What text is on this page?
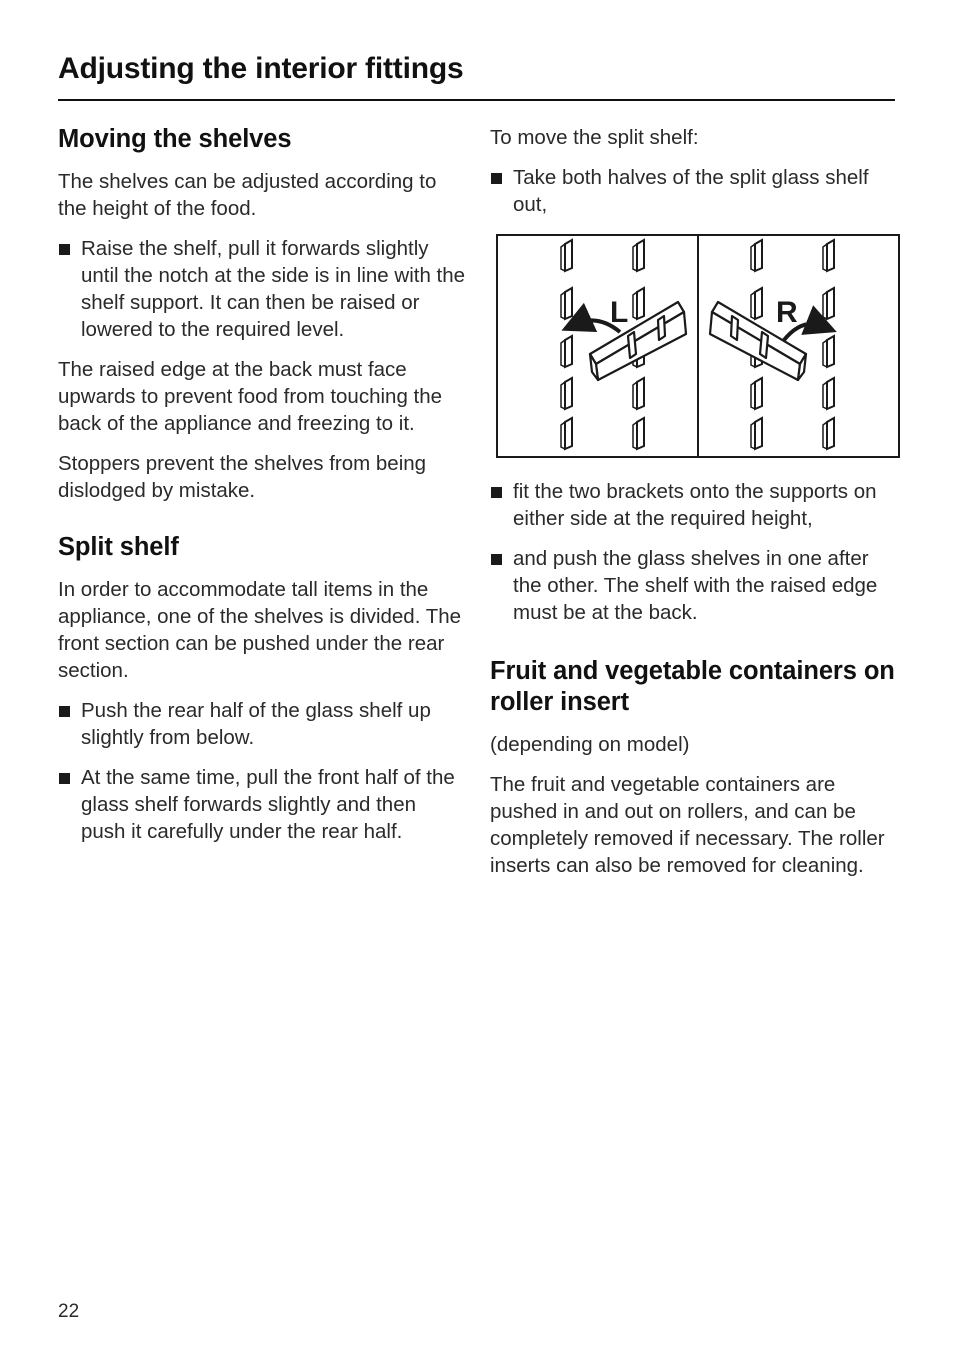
Adjusting the interior fittings
Moving the shelves

The shelves can be adjusted according to the height of the food.

Raise the shelf, pull it forwards slightly until the notch at the side is in line with the shelf support. It can then be raised or lowered to the required level.

The raised edge at the back must face upwards to prevent food from touching the back of the appliance and freezing to it.

Stoppers prevent the shelves from being dislodged by mistake.

Split shelf

In order to accommodate tall items in the appliance, one of the shelves is divided. The front section can be pushed under the rear section.

Push the rear half of the glass shelf up slightly from below.
At the same time, pull the front half of the glass shelf forwards slightly and then push it carefully under the rear half.

To move the split shelf:

Take both halves of the split glass shelf out,
L	R
fit the two brackets onto the supports on either side at the required height,
and push the glass shelves in one after the other. The shelf with the raised edge must be at the back.
Fruit and vegetable containers on roller insert

(depending on model)

The fruit and vegetable containers are pushed in and out on rollers, and can be completely removed if necessary. The roller inserts can also be removed for cleaning.

22
